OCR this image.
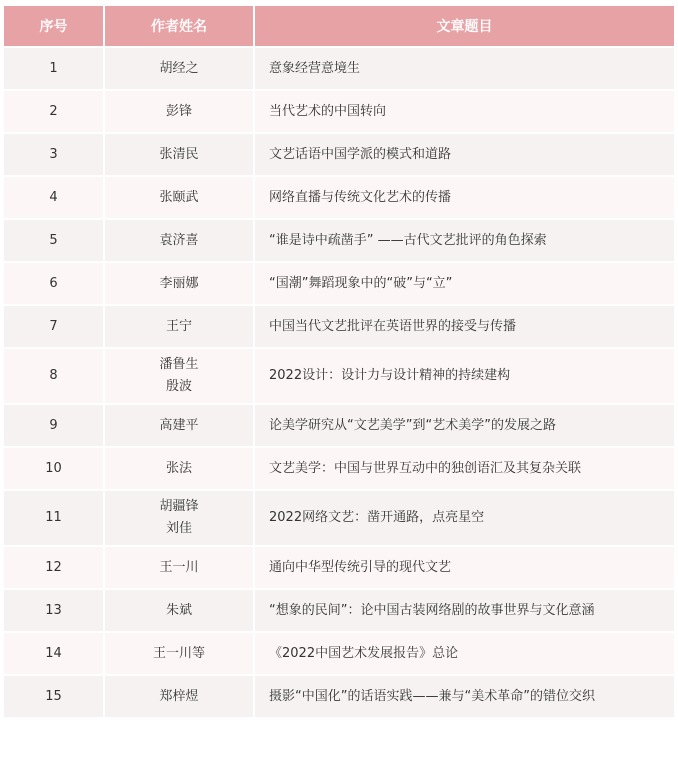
序号	作者姓名	文章题目
1	胡经之	意象经营意境生
2	彭锋	当代艺术的中国转向
3	张清民	文艺话语中国学派的模式和道路
4	张颐武	网络直播与传统文化艺术的传播
5	袁济喜	“谁是诗中疏凿手” ——古代文艺批评的角色探索
6	李丽娜	“国潮”舞蹈现象中的“破”与“立”
7	王宁	中国当代文艺批评在英语世界的接受与传播
8	潘鲁生
殷波	2022设计：设计力与设计精神的持续建构
9	高建平	论美学研究从“文艺美学”到“艺术美学”的发展之路
10	张法	文艺美学：中国与世界互动中的独创语汇及其复杂关联
11	胡疆锋
刘佳	2022网络文艺：凿开通路，点亮星空
12	王一川	通向中华型传统引导的现代文艺
13	朱斌	“想象的民间”：论中国古装网络剧的故事世界与文化意涵
14	王一川等	《2022中国艺术发展报告》总论
15	郑梓煜	摄影“中国化”的话语实践——兼与“美术革命”的错位交织
